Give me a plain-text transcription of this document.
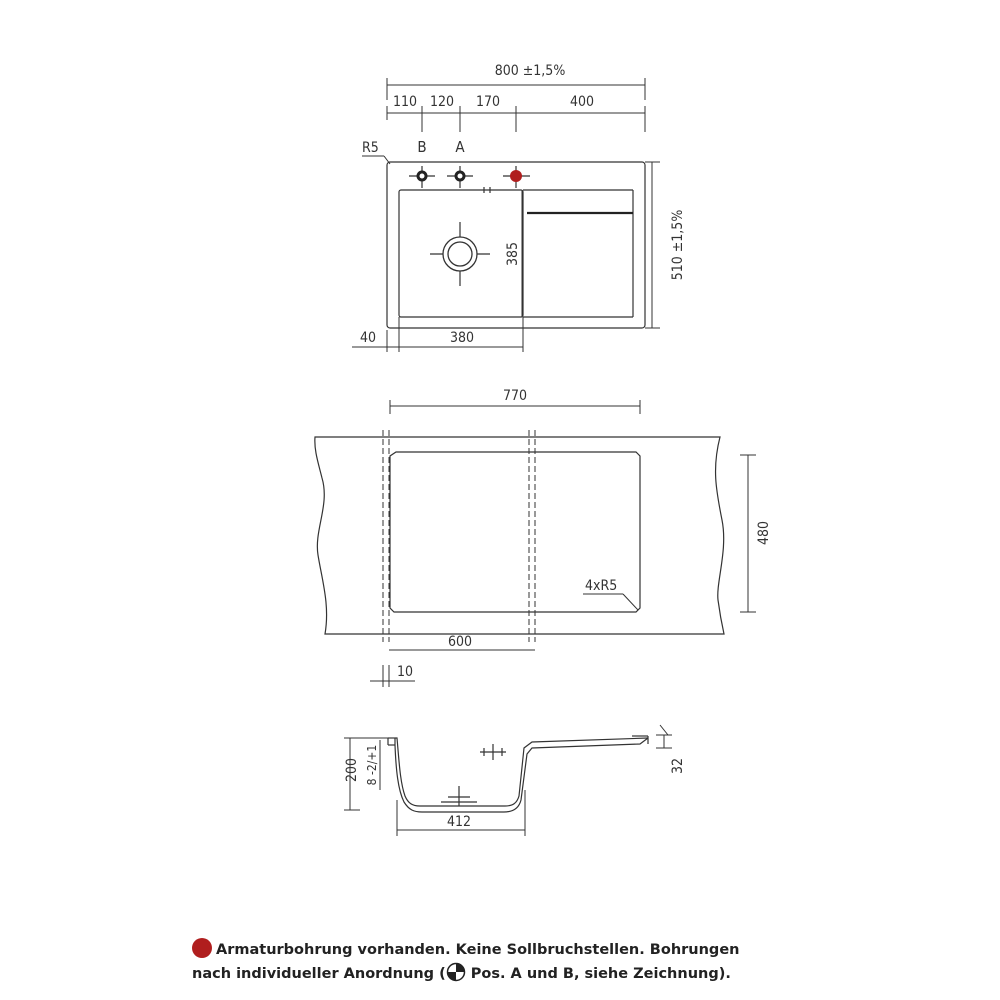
800 ±1,5%
110 120 170	400
R5	B A
385	510 ±1,5%
40	380
770
4xR5
480
600
10
200 8 -2/+1	32
412
Armaturbohrung vorhanden. Keine Sollbruchstellen. Bohrungen
nach individueller Anordnung ( Pos. A und B, siehe Zeichnung).
